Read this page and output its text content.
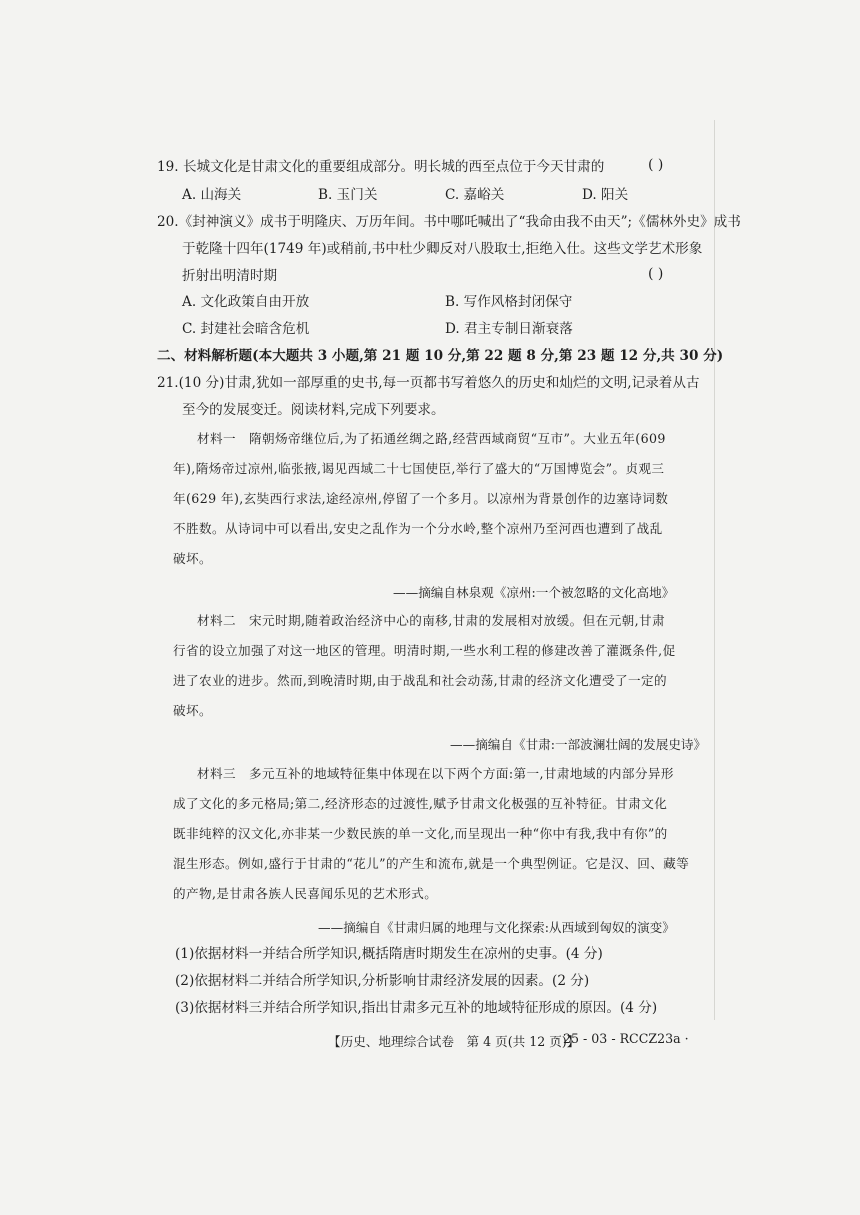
19. 长城文化是甘肃文化的重要组成部分。明长城的西至点位于今天甘肃的	( )
A. 山海关	B. 玉门关	C. 嘉峪关	D. 阳关
20.《封神演义》成书于明隆庆、万历年间。书中哪吒喊出了“我命由我不由天”;《儒林外史》成书
于乾隆十四年(1749 年)或稍前,书中杜少卿反对八股取士,拒绝入仕。这些文学艺术形象
折射出明清时期	( )
A. 文化政策自由开放	B. 写作风格封闭保守
C. 封建社会暗含危机	D. 君主专制日渐衰落
二、材料解析题(本大题共 3 小题,第 21 题 10 分,第 22 题 8 分,第 23 题 12 分,共 30 分)
21.(10 分)甘肃,犹如一部厚重的史书,每一页都书写着悠久的历史和灿烂的文明,记录着从古
至今的发展变迁。阅读材料,完成下列要求。
材料一　隋朝炀帝继位后,为了拓通丝绸之路,经营西域商贸“互市”。大业五年(609
年),隋炀帝过凉州,临张掖,谒见西域二十七国使臣,举行了盛大的“万国博览会”。贞观三
年(629 年),玄奘西行求法,途经凉州,停留了一个多月。以凉州为背景创作的边塞诗词数
不胜数。从诗词中可以看出,安史之乱作为一个分水岭,整个凉州乃至河西也遭到了战乱
破坏。
——摘编自林泉观《凉州:一个被忽略的文化高地》
材料二　宋元时期,随着政治经济中心的南移,甘肃的发展相对放缓。但在元朝,甘肃
行省的设立加强了对这一地区的管理。明清时期,一些水利工程的修建改善了灌溉条件,促
进了农业的进步。然而,到晚清时期,由于战乱和社会动荡,甘肃的经济文化遭受了一定的
破坏。
——摘编自《甘肃:一部波澜壮阔的发展史诗》
材料三　多元互补的地域特征集中体现在以下两个方面:第一,甘肃地域的内部分异形
成了文化的多元格局;第二,经济形态的过渡性,赋予甘肃文化极强的互补特征。甘肃文化
既非纯粹的汉文化,亦非某一少数民族的单一文化,而呈现出一种“你中有我,我中有你”的
混生形态。例如,盛行于甘肃的“花儿”的产生和流布,就是一个典型例证。它是汉、回、藏等
的产物,是甘肃各族人民喜闻乐见的艺术形式。
——摘编自《甘肃归属的地理与文化探索:从西域到匈奴的演变》
(1)依据材料一并结合所学知识,概括隋唐时期发生在凉州的史事。(4 分)
(2)依据材料二并结合所学知识,分析影响甘肃经济发展的因素。(2 分)
(3)依据材料三并结合所学知识,指出甘肃多元互补的地域特征形成的原因。(4 分)
【历史、地理综合试卷　第 4 页(共 12 页)】
· 25 - 03 - RCCZ23a ·
